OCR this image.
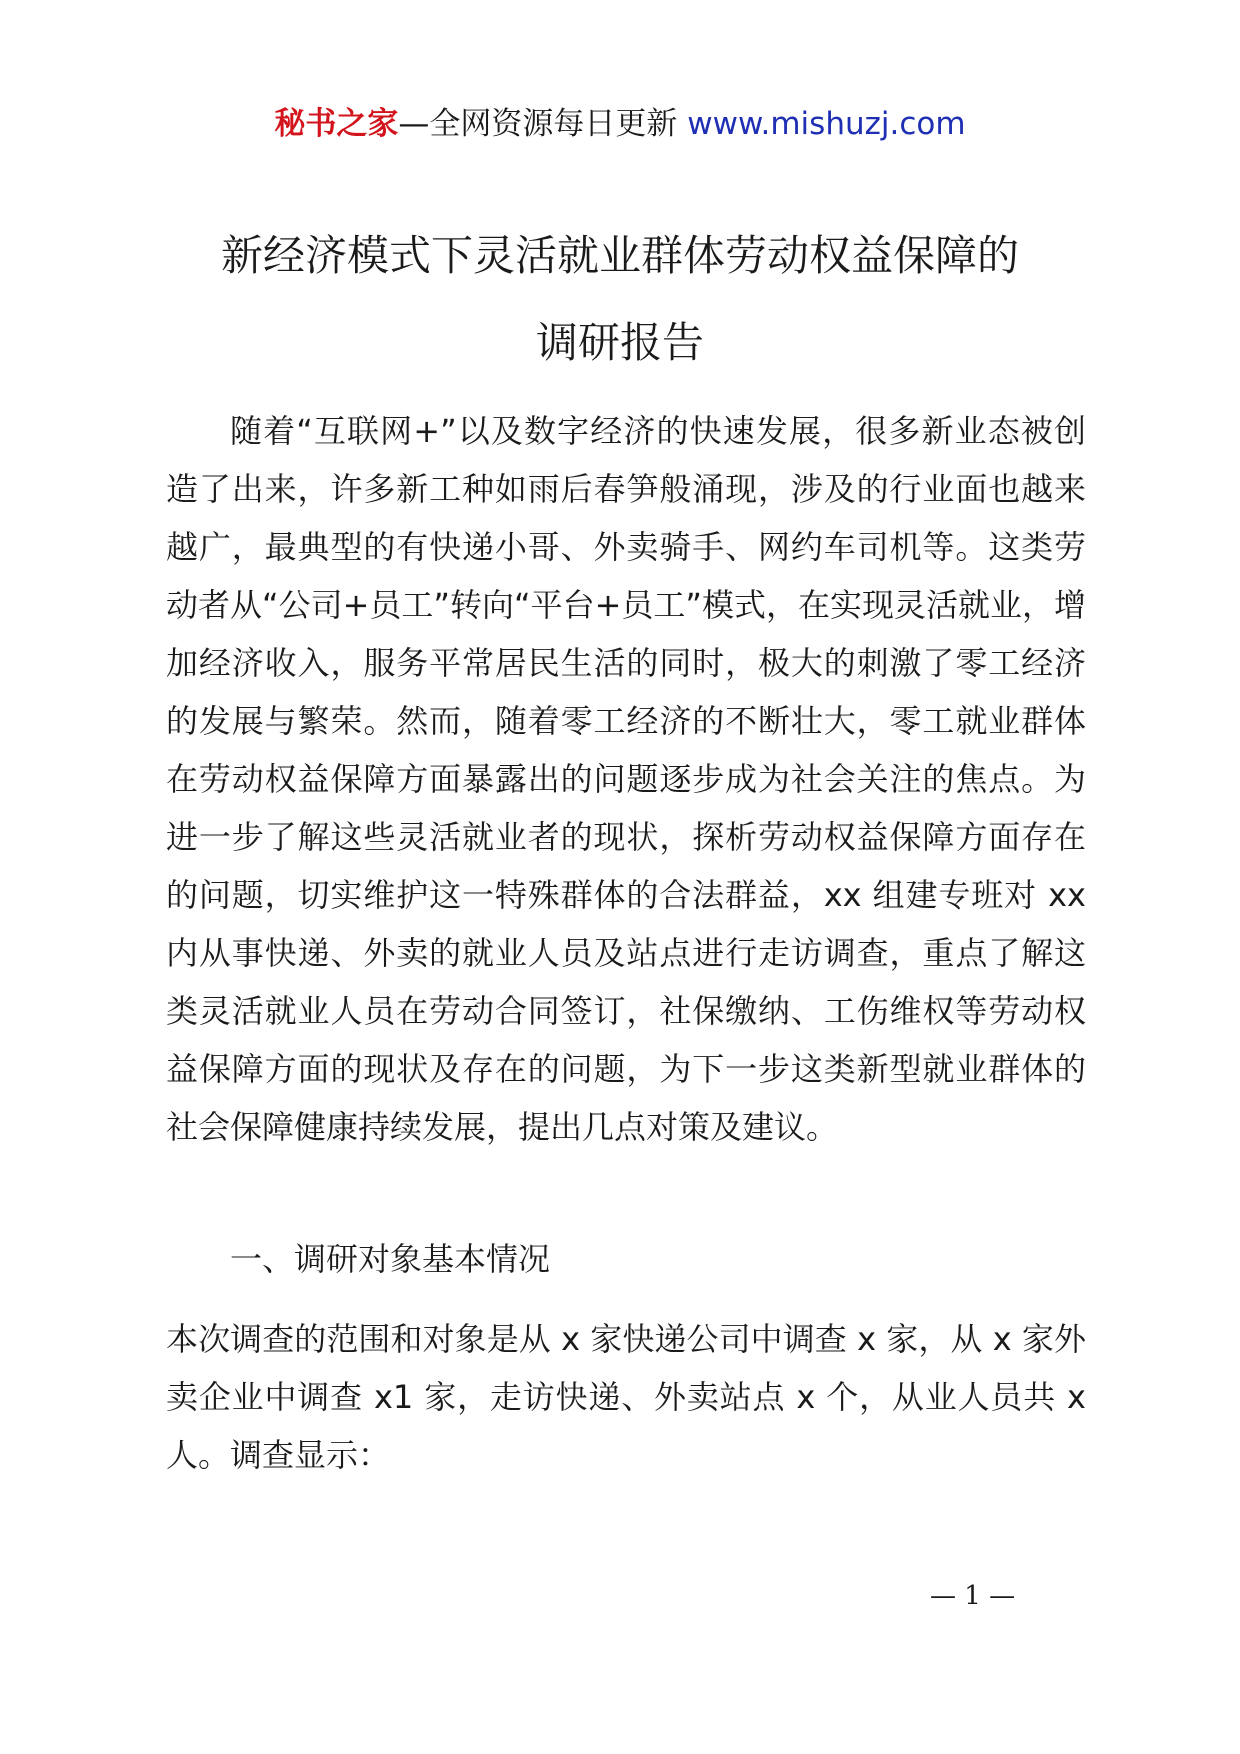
秘书之家—全网资源每日更新 www.mishuzj.com
新经济模式下灵活就业群体劳动权益保障的
调研报告

随着“互联网+”以及数字经济的快速发展，很多新业态被创造了出来，许多新工种如雨后春笋般涌现，涉及的行业面也越来越广，最典型的有快递小哥、外卖骑手、网约车司机等。这类劳动者从“公司+员工”转向“平台+员工”模式，在实现灵活就业，增加经济收入，服务平常居民生活的同时，极大的刺激了零工经济的发展与繁荣。然而，随着零工经济的不断壮大，零工就业群体在劳动权益保障方面暴露出的问题逐步成为社会关注的焦点。为进一步了解这些灵活就业者的现状，探析劳动权益保障方面存在的问题，切实维护这一特殊群体的合法群益，xx 组建专班对 xx 内从事快递、外卖的就业人员及站点进行走访调查，重点了解这类灵活就业人员在劳动合同签订，社保缴纳、工伤维权等劳动权益保障方面的现状及存在的问题，为下一步这类新型就业群体的社会保障健康持续发展，提出几点对策及建议。

一、调研对象基本情况

本次调查的范围和对象是从 x 家快递公司中调查 x 家，从 x 家外卖企业中调查 x1 家，走访快递、外卖站点 x 个，从业人员共 x 人。调查显示：

— 1 —
